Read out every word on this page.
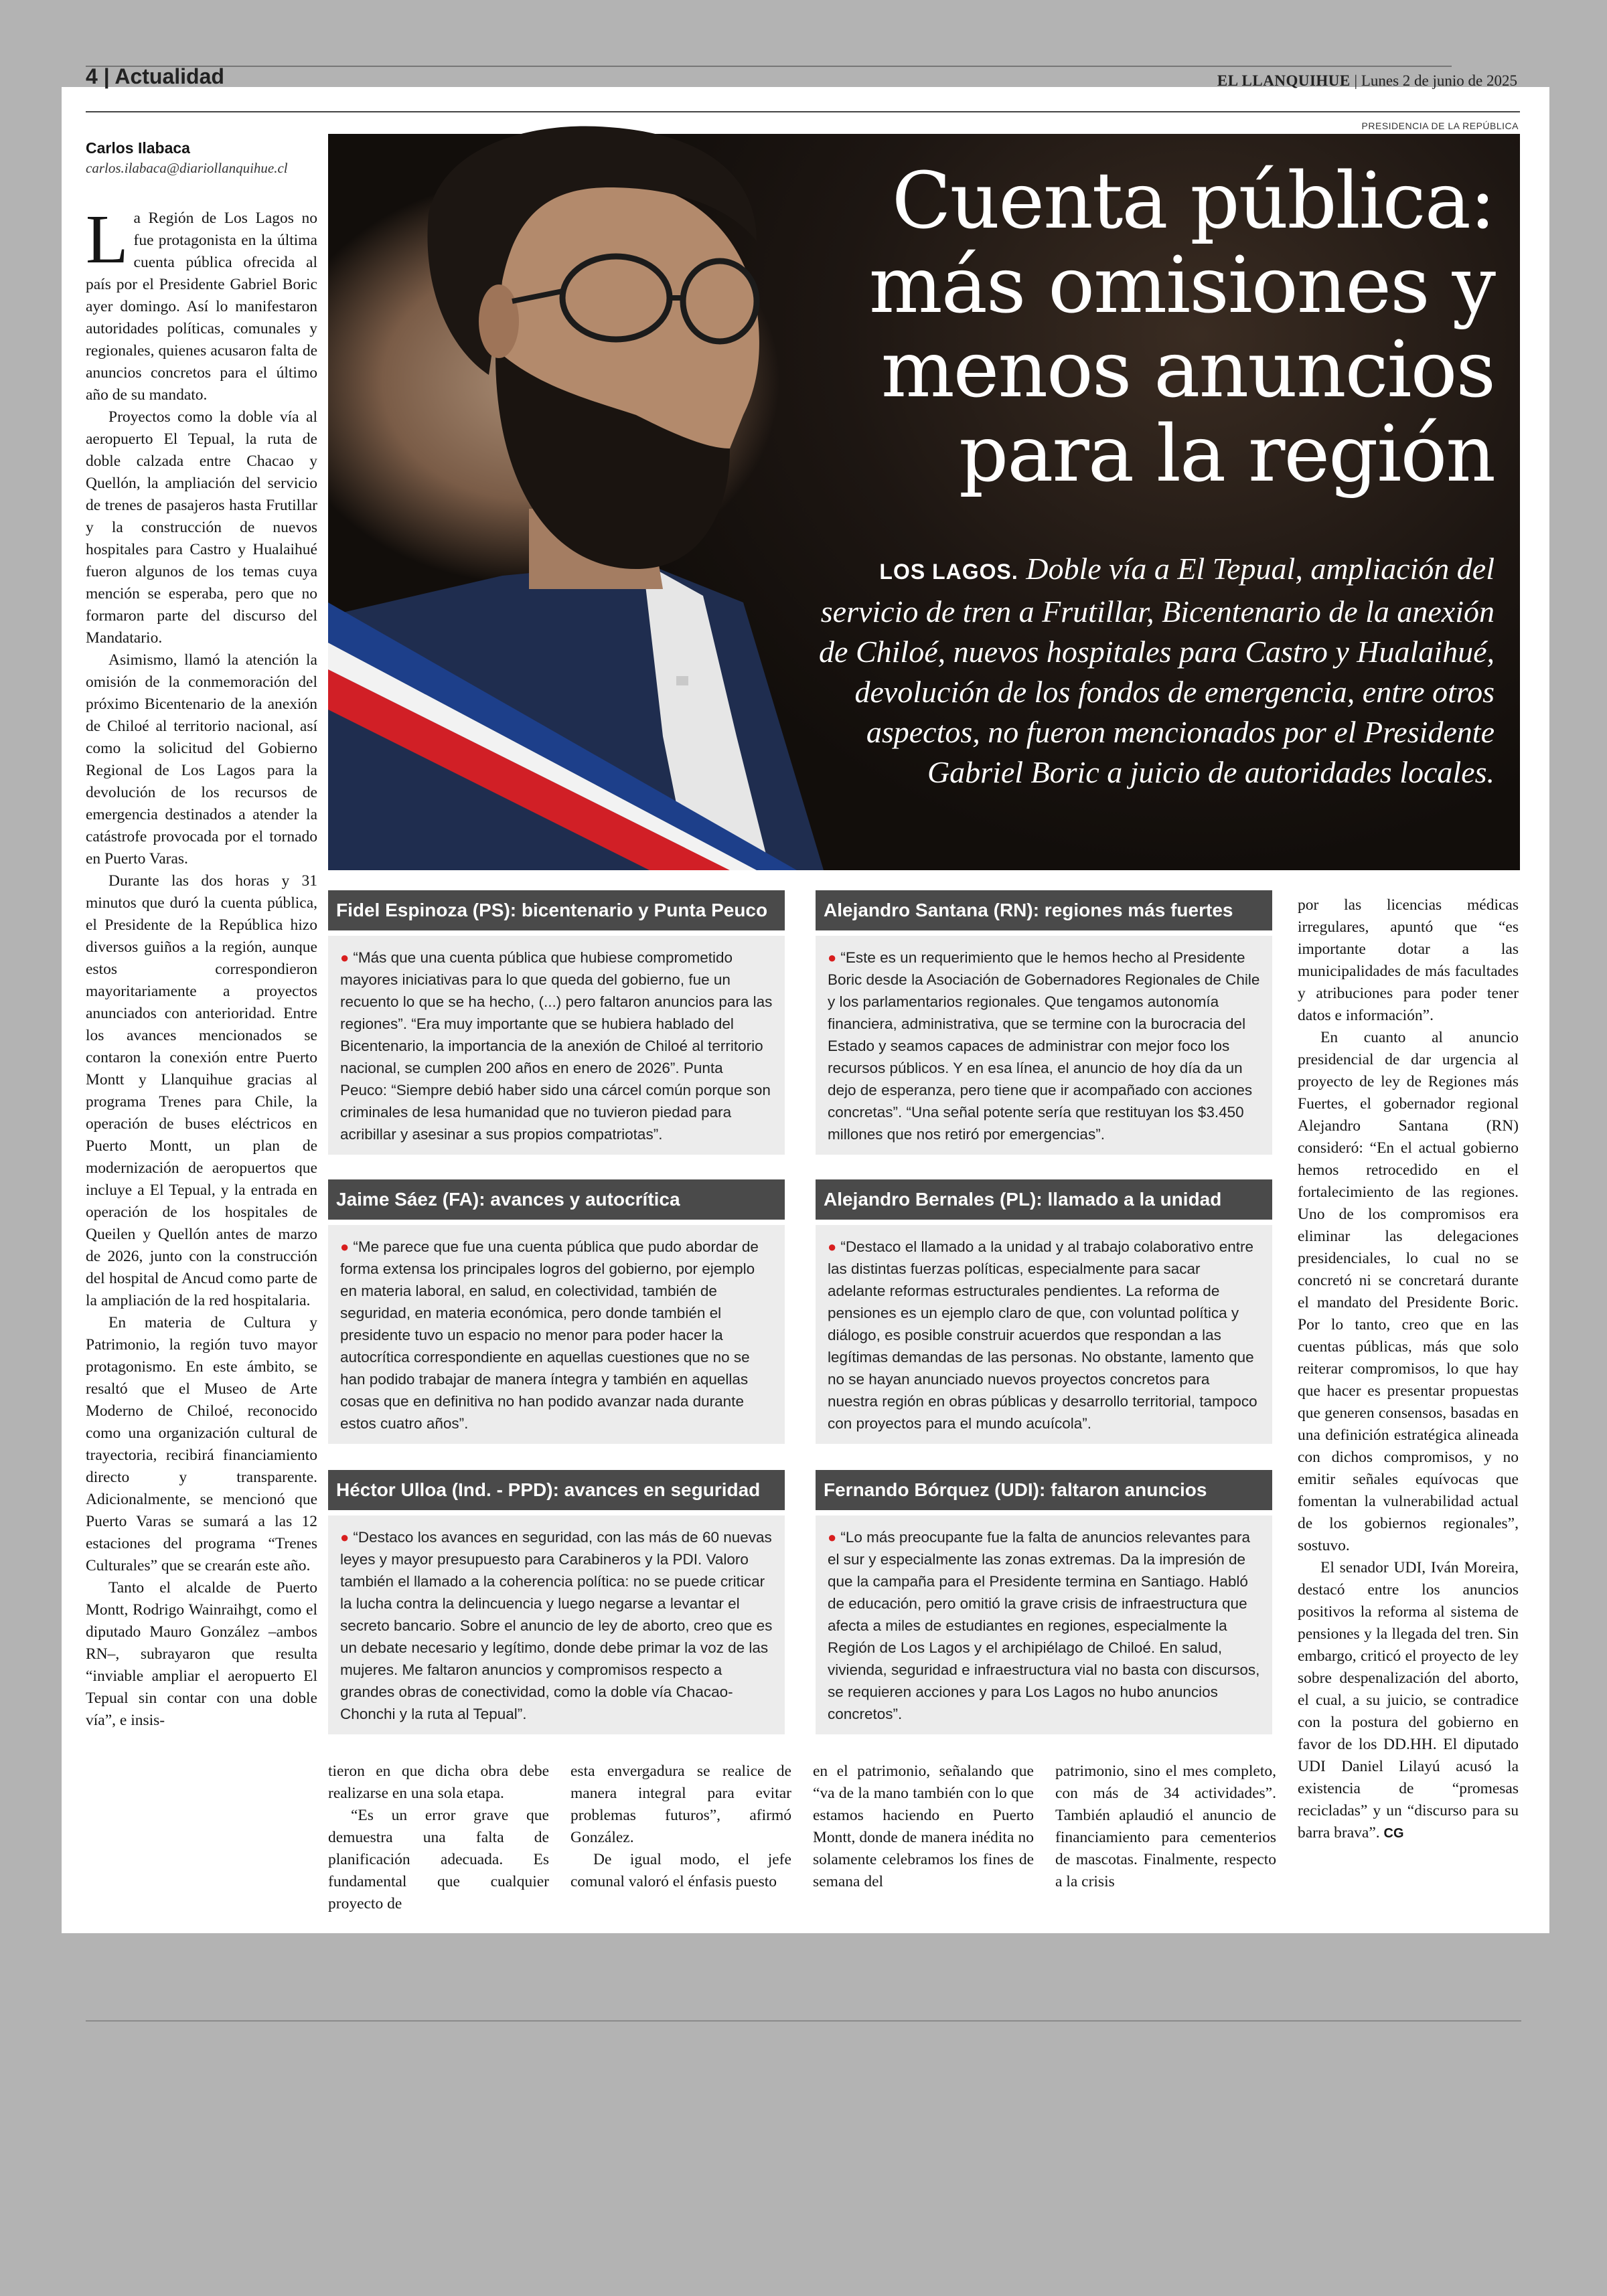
4 | Actualidad	EL LLANQUIHUE | Lunes 2 de junio de 2025
PRESIDENCIA DE LA REPÚBLICA
Cuenta pública: más omisiones y menos anuncios para la región
LOS LAGOS. Doble vía a El Tepual, ampliación del servicio de tren a Frutillar, Bicentenario de la anexión de Chiloé, nuevos hospitales para Castro y Hualaihué, devolución de los fondos de emergencia, entre otros aspectos, no fueron mencionados por el Presidente Gabriel Boric a juicio de autoridades locales.
Carlos Ilabaca
carlos.ilabaca@diariollanquihue.cl

La Región de Los Lagos no fue protagonista en la última cuenta pública ofrecida al país por el Presidente Gabriel Boric ayer domingo. Así lo manifestaron autoridades políticas, comunales y regionales, quienes acusaron falta de anuncios concretos para el último año de su mandato.

Proyectos como la doble vía al aeropuerto El Tepual, la ruta de doble calzada entre Chacao y Quellón, la ampliación del servicio de trenes de pasajeros hasta Frutillar y la construcción de nuevos hospitales para Castro y Hualaihué fueron algunos de los temas cuya mención se esperaba, pero que no formaron parte del discurso del Mandatario.

Asimismo, llamó la atención la omisión de la conmemoración del próximo Bicentenario de la anexión de Chiloé al territorio nacional, así como la solicitud del Gobierno Regional de Los Lagos para la devolución de los recursos de emergencia destinados a atender la catástrofe provocada por el tornado en Puerto Varas.

Durante las dos horas y 31 minutos que duró la cuenta pública, el Presidente de la República hizo diversos guiños a la región, aunque estos correspondieron mayoritariamente a proyectos anunciados con anterioridad. Entre los avances mencionados se contaron la conexión entre Puerto Montt y Llanquihue gracias al programa Trenes para Chile, la operación de buses eléctricos en Puerto Montt, un plan de modernización de aeropuertos que incluye a El Tepual, y la entrada en operación de los hospitales de Queilen y Quellón antes de marzo de 2026, junto con la construcción del hospital de Ancud como parte de la ampliación de la red hospitalaria.

En materia de Cultura y Patrimonio, la región tuvo mayor protagonismo. En este ámbito, se resaltó que el Museo de Arte Moderno de Chiloé, reconocido como una organización cultural de trayectoria, recibirá financiamiento directo y transparente. Adicionalmente, se mencionó que Puerto Varas se sumará a las 12 estaciones del programa “Trenes Culturales” que se crearán este año.

Tanto el alcalde de Puerto Montt, Rodrigo Wainraihgt, como el diputado Mauro González –ambos RN–, subrayaron que resulta “inviable ampliar el aeropuerto El Tepual sin contar con una doble vía”, e insis-

Fidel Espinoza (PS): bicentenario y Punta Peuco
● “Más que una cuenta pública que hubiese comprometido mayores iniciativas para lo que queda del gobierno, fue un recuento lo que se ha hecho, (...) pero faltaron anuncios para las regiones”. “Era muy importante que se hubiera hablado del Bicentenario, la importancia de la anexión de Chiloé al territorio nacional, se cumplen 200 años en enero de 2026”. Punta Peuco: “Siempre debió haber sido una cárcel común porque son criminales de lesa humanidad que no tuvieron piedad para acribillar y asesinar a sus propios compatriotas”.
Alejandro Santana (RN): regiones más fuertes
● “Este es un requerimiento que le hemos hecho al Presidente Boric desde la Asociación de Gobernadores Regionales de Chile y los parlamentarios regionales. Que tengamos autonomía financiera, administrativa, que se termine con la burocracia del Estado y seamos capaces de administrar con mejor foco los recursos públicos. Y en esa línea, el anuncio de hoy día da un dejo de esperanza, pero tiene que ir acompañado con acciones concretas”. “Una señal potente sería que restituyan los $3.450 millones que nos retiró por emergencias”.
Jaime Sáez (FA): avances y autocrítica
● “Me parece que fue una cuenta pública que pudo abordar de forma extensa los principales logros del gobierno, por ejemplo en materia laboral, en salud, en colectividad, también de seguridad, en materia económica, pero donde también el presidente tuvo un espacio no menor para poder hacer la autocrítica correspondiente en aquellas cuestiones que no se han podido trabajar de manera íntegra y también en aquellas cosas que en definitiva no han podido avanzar nada durante estos cuatro años”.
Alejandro Bernales (PL): llamado a la unidad
● “Destaco el llamado a la unidad y al trabajo colaborativo entre las distintas fuerzas políticas, especialmente para sacar adelante reformas estructurales pendientes. La reforma de pensiones es un ejemplo claro de que, con voluntad política y diálogo, es posible construir acuerdos que respondan a las legítimas demandas de las personas. No obstante, lamento que no se hayan anunciado nuevos proyectos concretos para nuestra región en obras públicas y desarrollo territorial, tampoco con proyectos para el mundo acuícola”.
Héctor Ulloa (Ind. - PPD): avances en seguridad
● “Destaco los avances en seguridad, con las más de 60 nuevas leyes y mayor presupuesto para Carabineros y la PDI. Valoro también el llamado a la coherencia política: no se puede criticar la lucha contra la delincuencia y luego negarse a levantar el secreto bancario. Sobre el anuncio de ley de aborto, creo que es un debate necesario y legítimo, donde debe primar la voz de las mujeres. Me faltaron anuncios y compromisos respecto a grandes obras de conectividad, como la doble vía Chacao-Chonchi y la ruta al Tepual”.
Fernando Bórquez (UDI): faltaron anuncios
● “Lo más preocupante fue la falta de anuncios relevantes para el sur y especialmente las zonas extremas. Da la impresión de que la campaña para el Presidente termina en Santiago. Habló de educación, pero omitió la grave crisis de infraestructura que afecta a miles de estudiantes en regiones, especialmente la Región de Los Lagos y el archipiélago de Chiloé. En salud, vivienda, seguridad e infraestructura vial no basta con discursos, se requieren acciones y para Los Lagos no hubo anuncios concretos”.

tieron en que dicha obra debe realizarse en una sola etapa.

“Es un error grave que demuestra una falta de planificación adecuada. Es fundamental que cualquier proyecto de

esta envergadura se realice de manera integral para evitar problemas futuros”, afirmó González.

De igual modo, el jefe comunal valoró el énfasis puesto

en el patrimonio, señalando que “va de la mano también con lo que estamos haciendo en Puerto Montt, donde de manera inédita no solamente celebramos los fines de semana del

patrimonio, sino el mes completo, con más de 34 actividades”. También aplaudió el anuncio de financiamiento para cementerios de mascotas. Finalmente, respecto a la crisis

por las licencias médicas irregulares, apuntó que “es importante dotar a las municipalidades de más facultades y atribuciones para poder tener datos e información”.

En cuanto al anuncio presidencial de dar urgencia al proyecto de ley de Regiones más Fuertes, el gobernador regional Alejandro Santana (RN) consideró: “En el actual gobierno hemos retrocedido en el fortalecimiento de las regiones. Uno de los compromisos era eliminar las delegaciones presidenciales, lo cual no se concretó ni se concretará durante el mandato del Presidente Boric. Por lo tanto, creo que en las cuentas públicas, más que solo reiterar compromisos, lo que hay que hacer es presentar propuestas que generen consensos, basadas en una definición estratégica alineada con dichos compromisos, y no emitir señales equívocas que fomentan la vulnerabilidad actual de los gobiernos regionales”, sostuvo.

El senador UDI, Iván Moreira, destacó entre los anuncios positivos la reforma al sistema de pensiones y la llegada del tren. Sin embargo, criticó el proyecto de ley sobre despenalización del aborto, el cual, a su juicio, se contradice con la postura del gobierno en favor de los DD.HH. El diputado UDI Daniel Lilayú acusó la existencia de “promesas recicladas” y un “discurso para su barra brava”. CG
